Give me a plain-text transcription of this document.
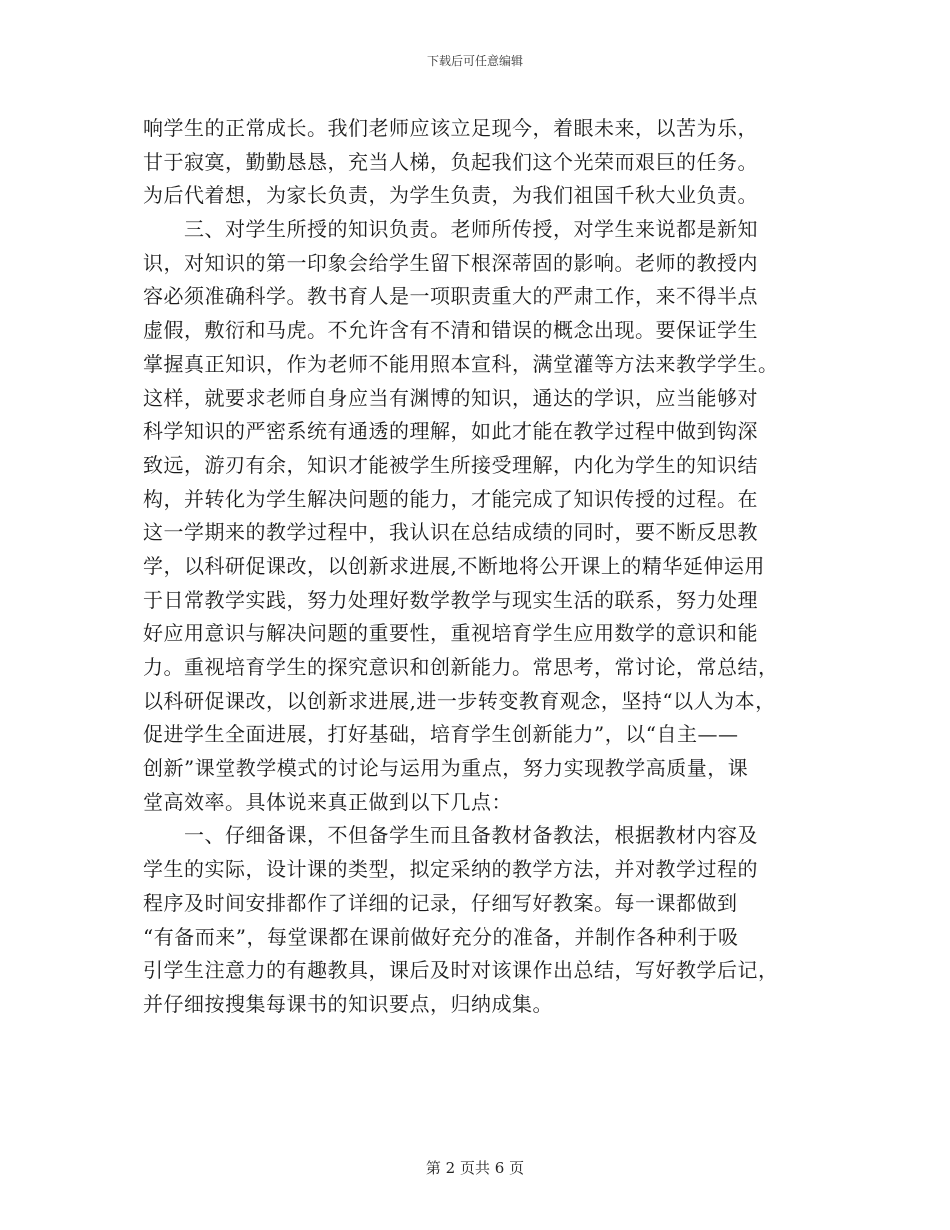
下载后可任意编辑
响学生的正常成长。我们老师应该立足现今，着眼未来，以苦为乐，
甘于寂寞，勤勤恳恳，充当人梯，负起我们这个光荣而艰巨的任务。
为后代着想，为家长负责，为学生负责，为我们祖国千秋大业负责。
　　三、对学生所授的知识负责。老师所传授，对学生来说都是新知
识，对知识的第一印象会给学生留下根深蒂固的影响。老师的教授内
容必须准确科学。教书育人是一项职责重大的严肃工作，来不得半点
虚假，敷衍和马虎。不允许含有不清和错误的概念出现。要保证学生
掌握真正知识，作为老师不能用照本宣科，满堂灌等方法来教学学生。
这样，就要求老师自身应当有渊博的知识，通达的学识，应当能够对
科学知识的严密系统有通透的理解，如此才能在教学过程中做到钩深
致远，游刃有余，知识才能被学生所接受理解，内化为学生的知识结
构，并转化为学生解决问题的能力，才能完成了知识传授的过程。在
这一学期来的教学过程中，我认识在总结成绩的同时，要不断反思教
学，以科研促课改，以创新求进展,不断地将公开课上的精华延伸运用
于日常教学实践，努力处理好数学教学与现实生活的联系，努力处理
好应用意识与解决问题的重要性，重视培育学生应用数学的意识和能
力。重视培育学生的探究意识和创新能力。常思考，常讨论，常总结，
以科研促课改，以创新求进展,进一步转变教育观念，坚持“以人为本，
促进学生全面进展，打好基础，培育学生创新能力”，以“自主——
创新”课堂教学模式的讨论与运用为重点，努力实现教学高质量，课
堂高效率。具体说来真正做到以下几点：
　　一、仔细备课，不但备学生而且备教材备教法，根据教材内容及
学生的实际，设计课的类型，拟定采纳的教学方法，并对教学过程的
程序及时间安排都作了详细的记录，仔细写好教案。每一课都做到
“有备而来”，每堂课都在课前做好充分的准备，并制作各种利于吸
引学生注意力的有趣教具，课后及时对该课作出总结，写好教学后记，
并仔细按搜集每课书的知识要点，归纳成集。
第 2 页共 6 页
